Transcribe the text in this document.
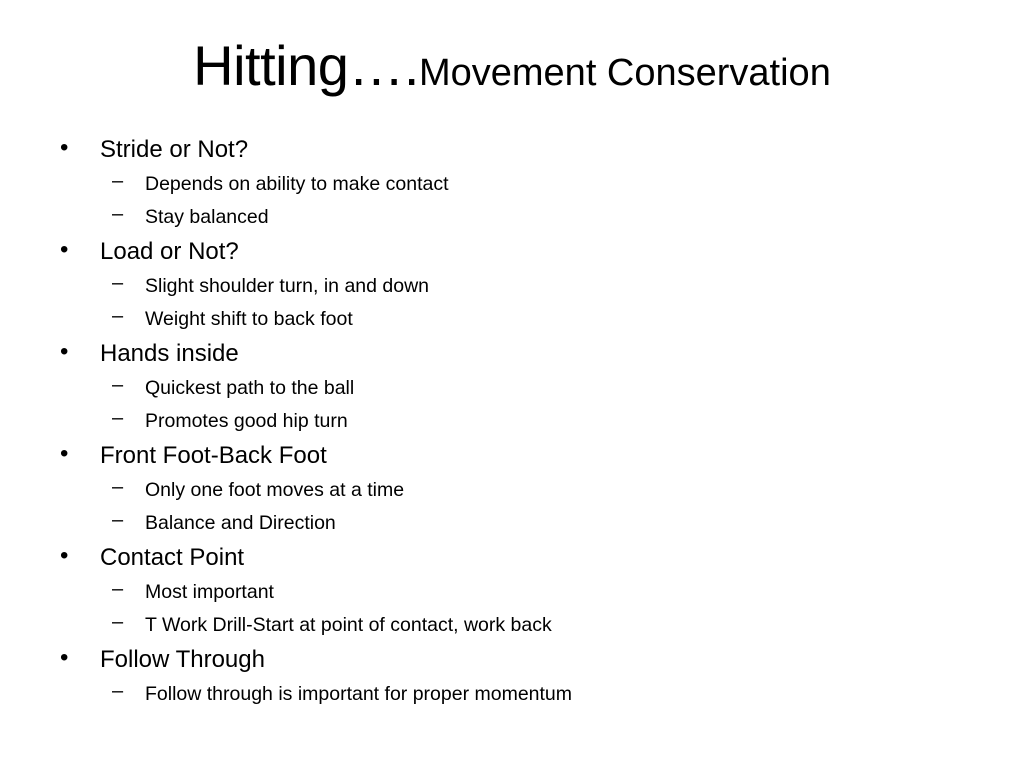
Hitting….Movement Conservation
•	Stride or Not?
–	Depends on ability to make contact
–	Stay balanced
•	Load or Not?
–	Slight shoulder turn, in and down
–	Weight shift to back foot
•	Hands inside
–	Quickest path to the ball
–	Promotes good hip turn
•	Front Foot-Back Foot
–	Only one foot moves at a time
–	Balance and Direction
•	Contact Point
–	Most important
–	T Work Drill-Start at point of contact, work back
•	Follow Through
–	Follow through is important for proper momentum
